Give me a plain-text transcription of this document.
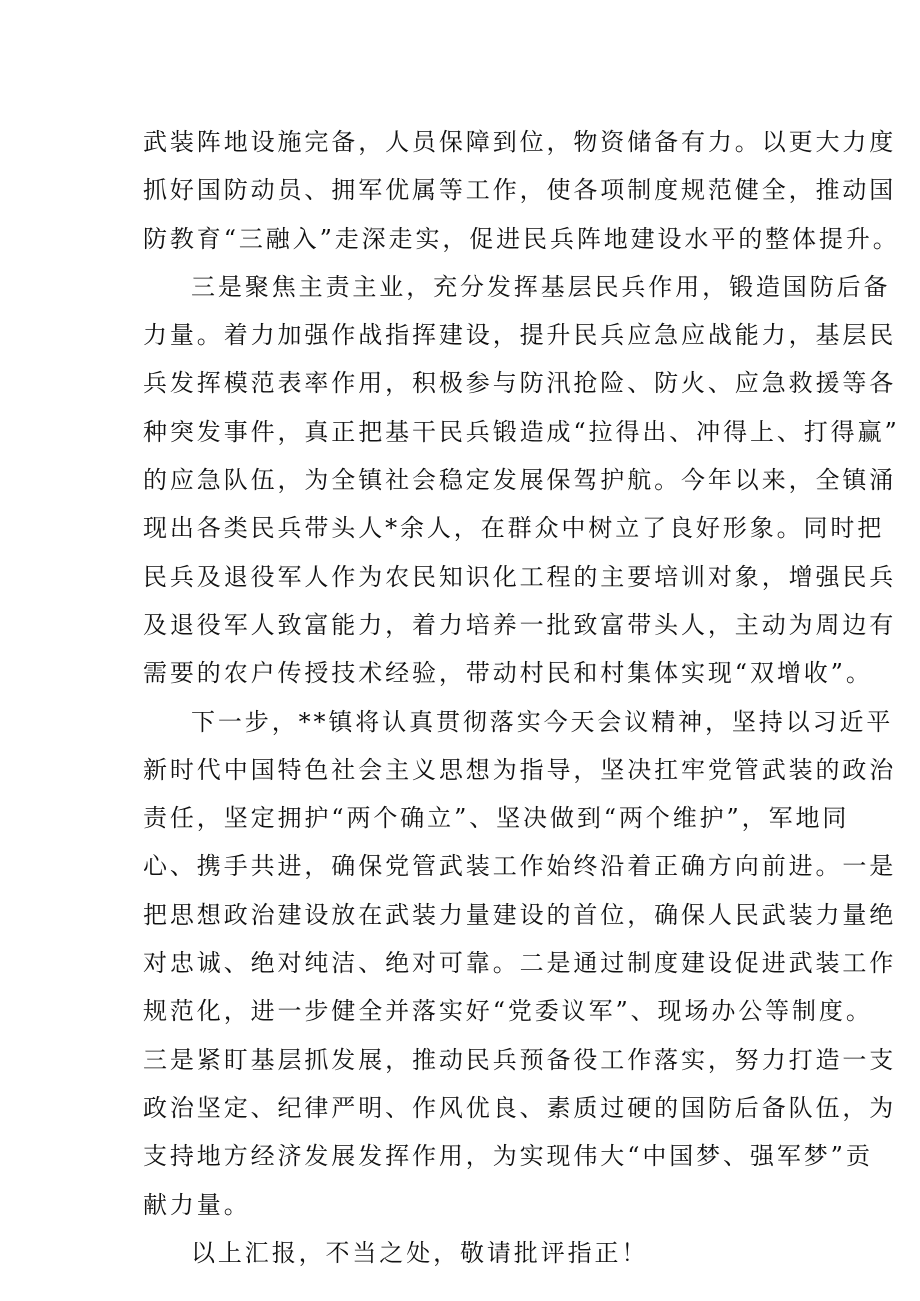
武装阵地设施完备，人员保障到位，物资储备有力。以更大力度
抓好国防动员、拥军优属等工作，使各项制度规范健全，推动国
防教育“三融入”走深走实，促进民兵阵地建设水平的整体提升。
三是聚焦主责主业，充分发挥基层民兵作用，锻造国防后备
力量。着力加强作战指挥建设，提升民兵应急应战能力，基层民
兵发挥模范表率作用，积极参与防汛抢险、防火、应急救援等各
种突发事件，真正把基干民兵锻造成“拉得出、冲得上、打得赢”
的应急队伍，为全镇社会稳定发展保驾护航。今年以来，全镇涌
现出各类民兵带头人*余人，在群众中树立了良好形象。同时把
民兵及退役军人作为农民知识化工程的主要培训对象，增强民兵
及退役军人致富能力，着力培养一批致富带头人，主动为周边有
需要的农户传授技术经验，带动村民和村集体实现“双增收”。
下一步，**镇将认真贯彻落实今天会议精神，坚持以习近平
新时代中国特色社会主义思想为指导，坚决扛牢党管武装的政治
责任，坚定拥护“两个确立”、坚决做到“两个维护”，军地同
心、携手共进，确保党管武装工作始终沿着正确方向前进。一是
把思想政治建设放在武装力量建设的首位，确保人民武装力量绝
对忠诚、绝对纯洁、绝对可靠。二是通过制度建设促进武装工作
规范化，进一步健全并落实好“党委议军”、现场办公等制度。
三是紧盯基层抓发展，推动民兵预备役工作落实，努力打造一支
政治坚定、纪律严明、作风优良、素质过硬的国防后备队伍，为
支持地方经济发展发挥作用，为实现伟大“中国梦、强军梦”贡
献力量。
以上汇报，不当之处，敬请批评指正！
